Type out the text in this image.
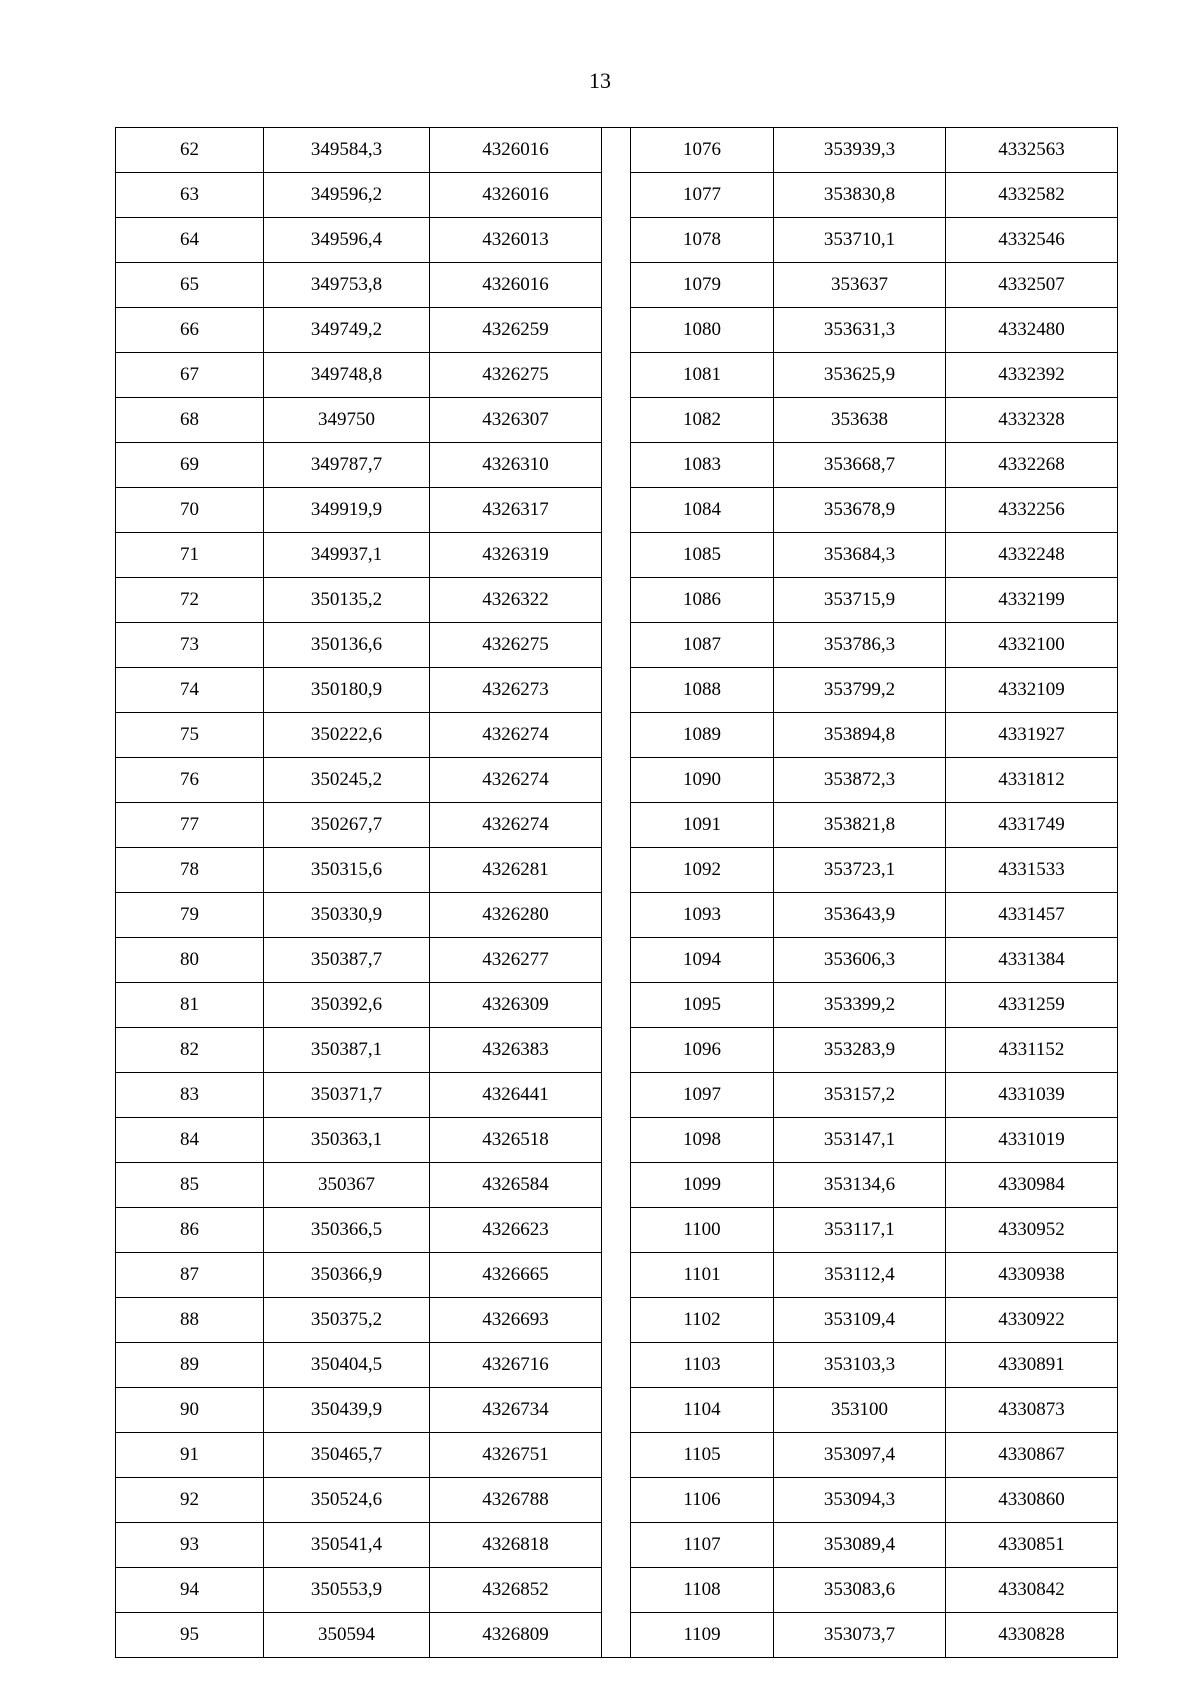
13
62	349584,3	4326016		1076	353939,3	4332563
63	349596,2	4326016		1077	353830,8	4332582
64	349596,4	4326013		1078	353710,1	4332546
65	349753,8	4326016		1079	353637	4332507
66	349749,2	4326259		1080	353631,3	4332480
67	349748,8	4326275		1081	353625,9	4332392
68	349750	4326307		1082	353638	4332328
69	349787,7	4326310		1083	353668,7	4332268
70	349919,9	4326317		1084	353678,9	4332256
71	349937,1	4326319		1085	353684,3	4332248
72	350135,2	4326322		1086	353715,9	4332199
73	350136,6	4326275		1087	353786,3	4332100
74	350180,9	4326273		1088	353799,2	4332109
75	350222,6	4326274		1089	353894,8	4331927
76	350245,2	4326274		1090	353872,3	4331812
77	350267,7	4326274		1091	353821,8	4331749
78	350315,6	4326281		1092	353723,1	4331533
79	350330,9	4326280		1093	353643,9	4331457
80	350387,7	4326277		1094	353606,3	4331384
81	350392,6	4326309		1095	353399,2	4331259
82	350387,1	4326383		1096	353283,9	4331152
83	350371,7	4326441		1097	353157,2	4331039
84	350363,1	4326518		1098	353147,1	4331019
85	350367	4326584		1099	353134,6	4330984
86	350366,5	4326623		1100	353117,1	4330952
87	350366,9	4326665		1101	353112,4	4330938
88	350375,2	4326693		1102	353109,4	4330922
89	350404,5	4326716		1103	353103,3	4330891
90	350439,9	4326734		1104	353100	4330873
91	350465,7	4326751		1105	353097,4	4330867
92	350524,6	4326788		1106	353094,3	4330860
93	350541,4	4326818		1107	353089,4	4330851
94	350553,9	4326852		1108	353083,6	4330842
95	350594	4326809		1109	353073,7	4330828
